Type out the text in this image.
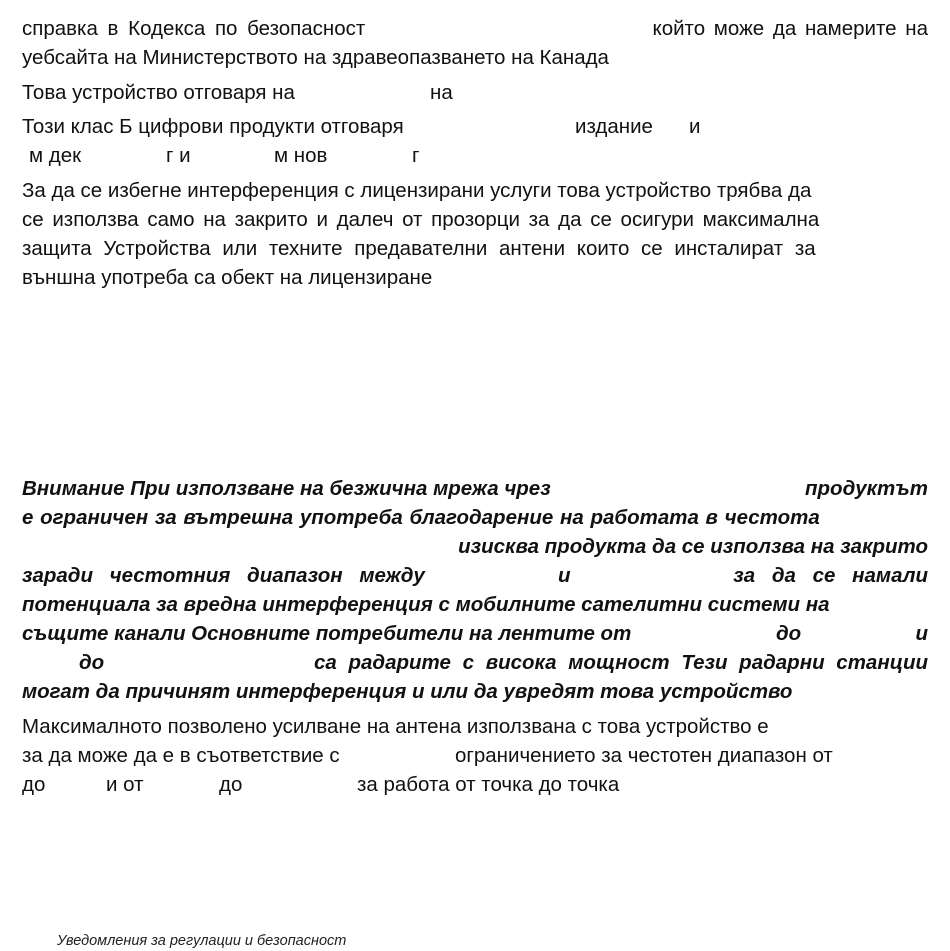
справка в Кодекса по безопасност	който може да намерите на
уебсайта на Министерството на здравеопазването на Канада
Това устройство отговаря на	на
Този клас Б цифрови продукти отговаря	издание и
м дек	г и	м нов	г
За да се избегне интерференция с лицензирани услуги това устройство трябва да
се използва само на закрито и далеч от прозорци за да се осигури максимална
защита Устройства или техните предавателни антени които се инсталират за
външна употреба са обект на лицензиране
Внимание При използване на безжична мрежа чрез	продуктът
е ограничен за вътрешна употреба благодарение на работата в честота
изисква продукта да се използва на закрито
заради честотния диапазон между	и	за да се намали
потенциала за вредна интерференция с мобилните сателитни системи на
същите канали Основните потребители на лентите от	до	и
до	са радарите с висока мощност Тези радарни станции
могат да причинят интерференция и или да увредят това устройство
Максималното позволено усилване на антена използвана с това устройство е
за да може да е в съответствие с	ограничението за честотен диапазон от
до	и от	до	за работа от точка до точка
Уведомления за регулации и безопасност
